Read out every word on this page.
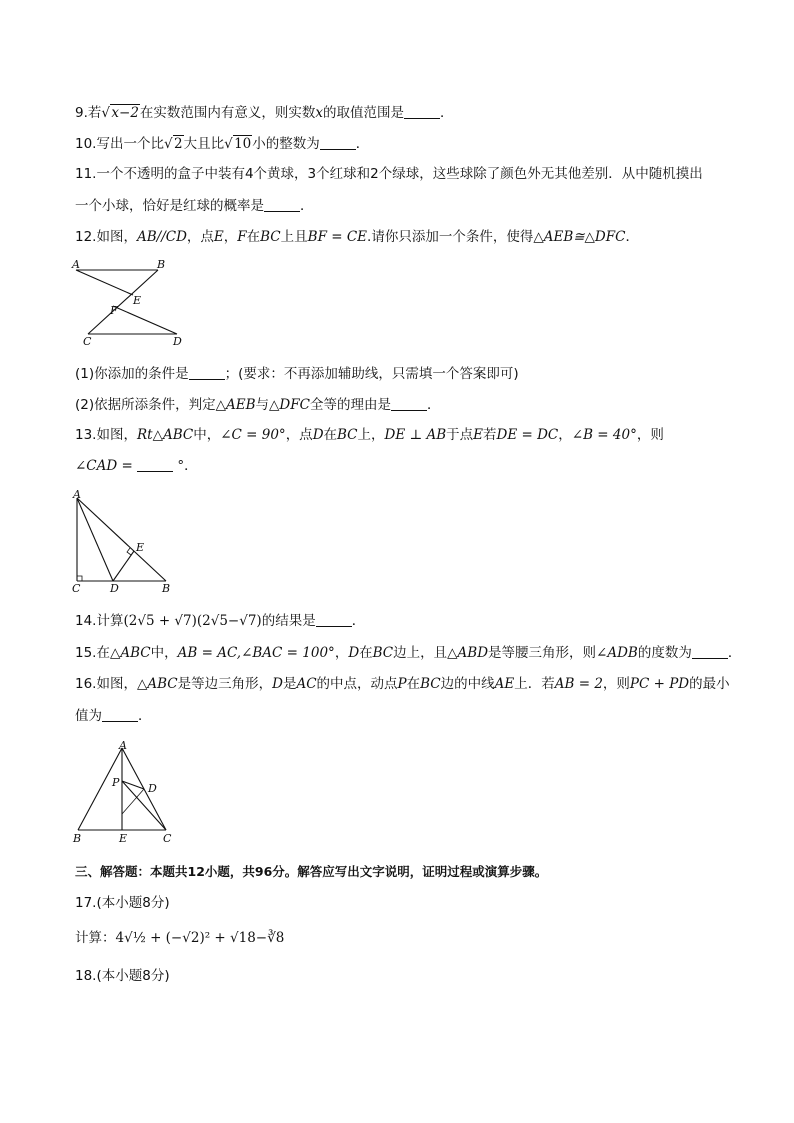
9.若 √ x−2在实数范围内有意义，则实数x的取值范围是	．
10.写出一个比 √ 2大且比 √ 10小的整数为	．
11.一个不透明的盒子中装有4个黄球，3个红球和2个绿球，这些球除了颜色外无其他差别．从中随机摸出
一个小球，恰好是红球的概率是	．
12.如图，AB//CD，点E，F在BC上且BF = CE.请你只添加一个条件，使得△AEB≅△DFC．
A	B
E
F
C	D
(1)你添加的条件是	；(要求：不再添加辅助线，只需填一个答案即可)
(2)依据所添条件，判定△AEB与△DFC全等的理由是	．
13.如图，Rt△ABC中，∠C = 90°，点D在BC上，DE ⊥ AB于点E若DE = DC，∠B = 40°，则
∠CAD =	°．
A
E
C	D	B
14.计算(2√5 + √7)(2√5−√7)的结果是	．
15.在△ABC中，AB = AC,∠BAC = 100°，D在BC边上，且△ABD是等腰三角形，则∠ADB的度数为	．
16.如图，△ABC是等边三角形，D是AC的中点，动点P在BC边的中线AE上．若AB = 2，则PC + PD的最小
值为	．
A
P	D
B	E	C
三、解答题：本题共12小题，共96分。解答应写出文字说明，证明过程或演算步骤。
17.(本小题8分)
计算：4√½ + (−√2)² + √18−∛8
18.(本小题8分)
